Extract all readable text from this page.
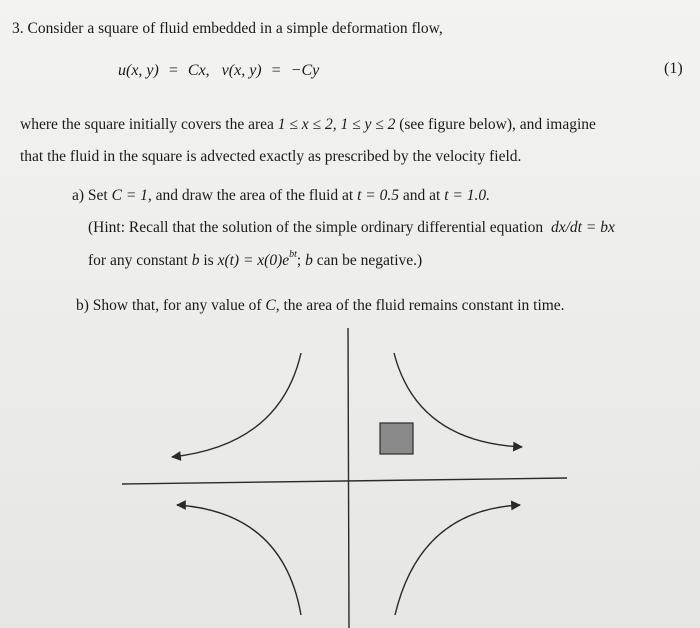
3. Consider a square of fluid embedded in a simple deformation flow,
u(x, y) = Cx, v(x, y) = −Cy	(1)
where the square initially covers the area 1 ≤ x ≤ 2, 1 ≤ y ≤ 2 (see figure below), and imagine
that the fluid in the square is advected exactly as prescribed by the velocity field.
a) Set C = 1, and draw the area of the fluid at t = 0.5 and at t = 1.0.
(Hint: Recall that the solution of the simple ordinary differential equation dx/dt = bx
for any constant b is $x(t) = x(0)e^{bt}$; b can be negative.)
b) Show that, for any value of C, the area of the fluid remains constant in time.
